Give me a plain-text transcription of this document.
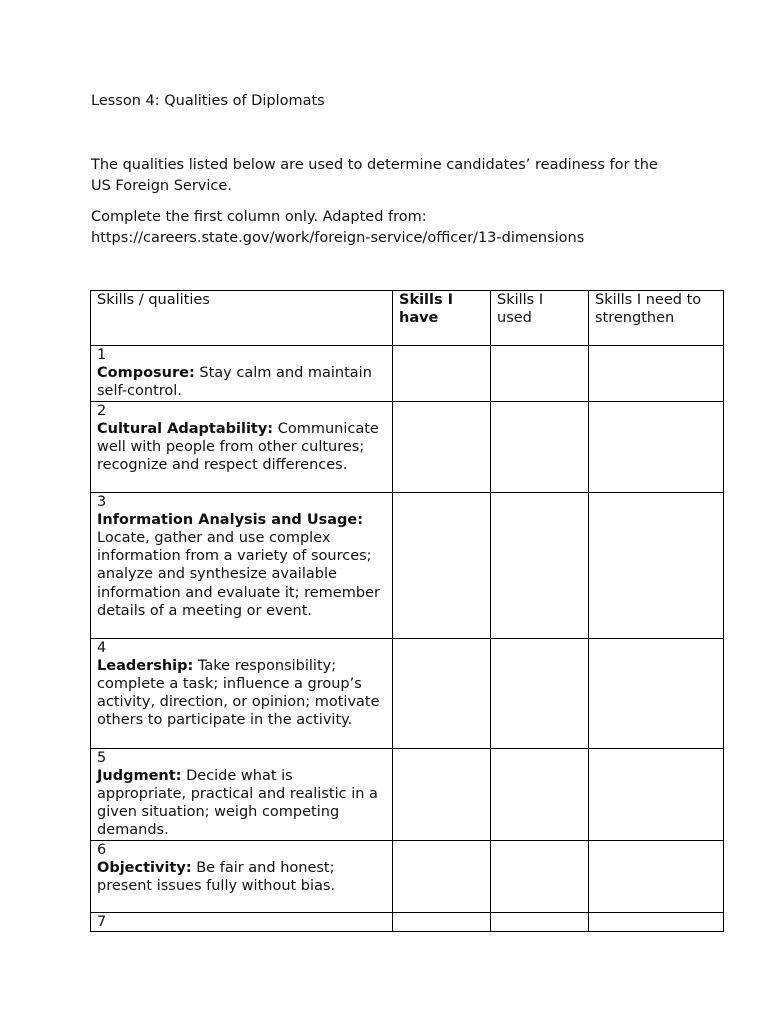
Lesson 4: Qualities of Diplomats

The qualities listed below are used to determine candidates’ readiness for the US Foreign Service.

Complete the first column only. Adapted from:
https://careers.state.gov/work/foreign-service/officer/13-dimensions

Skills / qualities	Skills I have	Skills I used	Skills I need to strengthen

1
Composure: Stay calm and maintain self-control.			

2
Cultural Adaptability: Communicate well with people from other cultures; recognize and respect differences.			

3
Information Analysis and Usage: Locate, gather and use complex information from a variety of sources; analyze and synthesize available information and evaluate it; remember details of a meeting or event.			

4
Leadership: Take responsibility; complete a task; influence a group’s activity, direction, or opinion; motivate others to participate in the activity.			

5
Judgment: Decide what is appropriate, practical and realistic in a given situation; weigh competing demands.			

6
Objectivity: Be fair and honest; present issues fully without bias.			

7			
